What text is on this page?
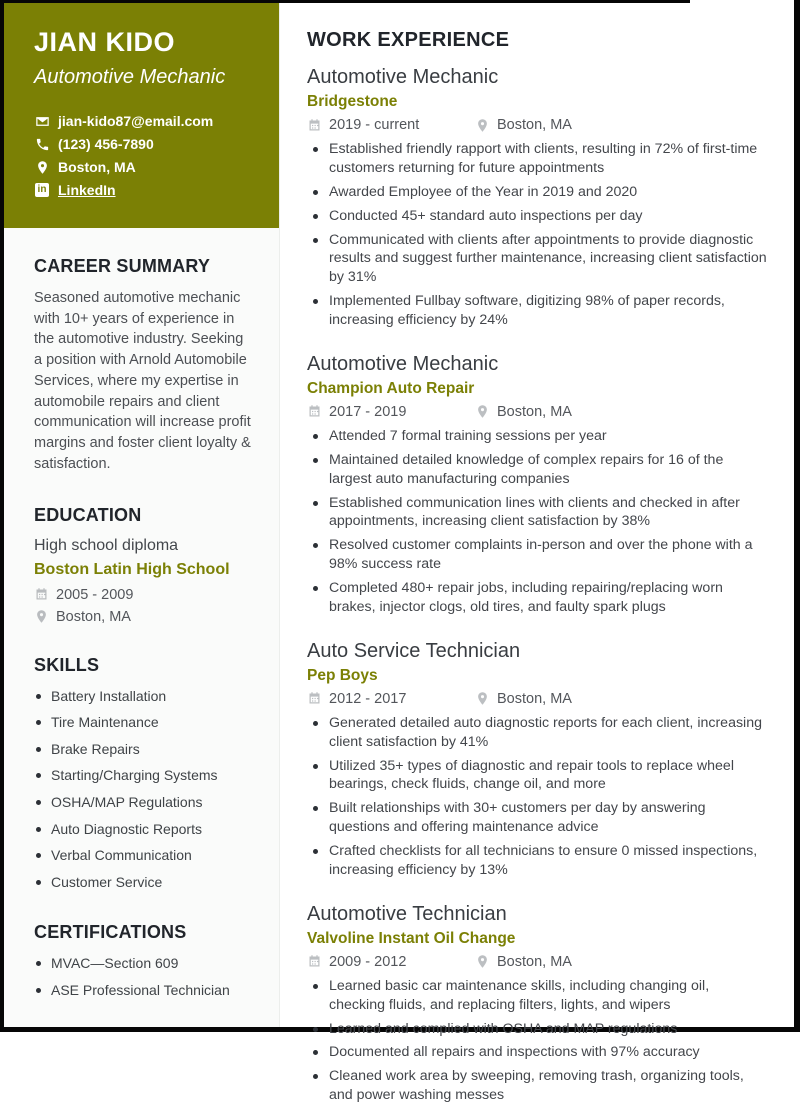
JIAN KIDO
Automotive Mechanic
jian-kido87@email.com
(123) 456-7890
Boston, MA
in LinkedIn
CAREER SUMMARY

Seasoned automotive mechanic with 10+ years of experience in the automotive industry. Seeking a position with Arnold Automobile Services, where my expertise in automobile repairs and client communication will increase profit margins and foster client loyalty & satisfaction.

EDUCATION
High school diploma
Boston Latin High School
2005 - 2009
Boston, MA
SKILLS
Battery Installation
Tire Maintenance
Brake Repairs
Starting/Charging Systems
OSHA/MAP Regulations
Auto Diagnostic Reports
Verbal Communication
Customer Service
CERTIFICATIONS
MVAC—Section 609
ASE Professional Technician
WORK EXPERIENCE
Automotive Mechanic
Bridgestone
2019 - current	Boston, MA
Established friendly rapport with clients, resulting in 72% of first-time customers returning for future appointments
Awarded Employee of the Year in 2019 and 2020
Conducted 45+ standard auto inspections per day
Communicated with clients after appointments to provide diagnostic results and suggest further maintenance, increasing client satisfaction by 31%
Implemented Fullbay software, digitizing 98% of paper records, increasing efficiency by 24%
Automotive Mechanic
Champion Auto Repair
2017 - 2019	Boston, MA
Attended 7 formal training sessions per year
Maintained detailed knowledge of complex repairs for 16 of the largest auto manufacturing companies
Established communication lines with clients and checked in after appointments, increasing client satisfaction by 38%
Resolved customer complaints in-person and over the phone with a 98% success rate
Completed 480+ repair jobs, including repairing/replacing worn brakes, injector clogs, old tires, and faulty spark plugs
Auto Service Technician
Pep Boys
2012 - 2017	Boston, MA
Generated detailed auto diagnostic reports for each client, increasing client satisfaction by 41%
Utilized 35+ types of diagnostic and repair tools to replace wheel bearings, check fluids, change oil, and more
Built relationships with 30+ customers per day by answering questions and offering maintenance advice
Crafted checklists for all technicians to ensure 0 missed inspections, increasing efficiency by 13%
Automotive Technician
Valvoline Instant Oil Change
2009 - 2012	Boston, MA
Learned basic car maintenance skills, including changing oil, checking fluids, and replacing filters, lights, and wipers
Learned and complied with OSHA and MAP regulations
Documented all repairs and inspections with 97% accuracy
Cleaned work area by sweeping, removing trash, organizing tools, and power washing messes
